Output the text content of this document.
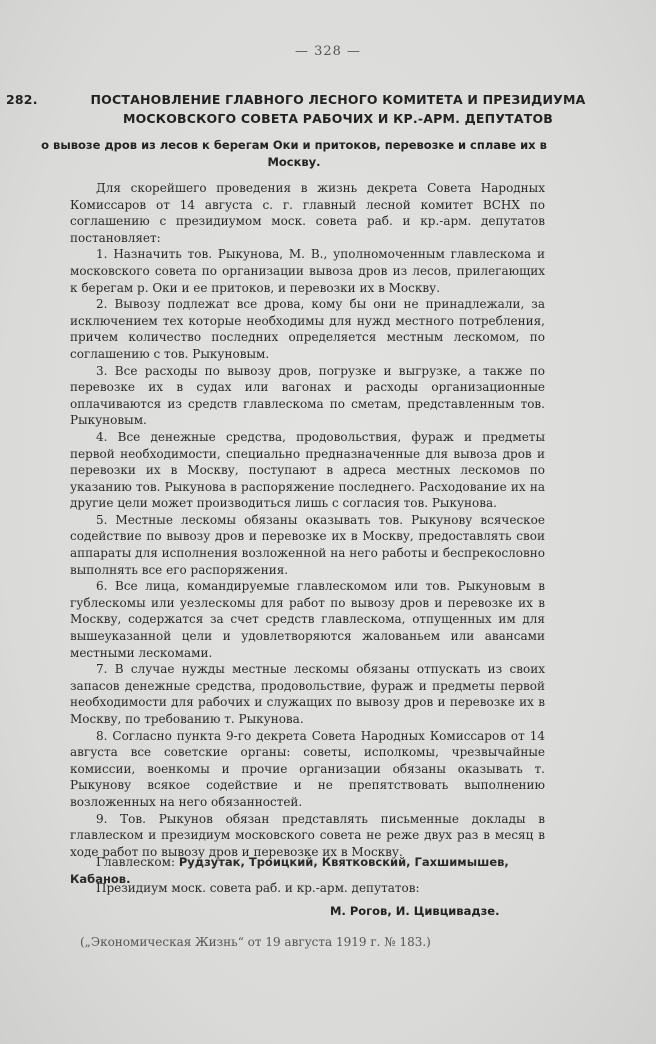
— 328 —
282.	ПОСТАНОВЛЕНИЕ ГЛАВНОГО ЛЕСНОГО КОМИТЕТА И ПРЕЗИДИУМА МОСКОВСКОГО СОВЕТА РАБОЧИХ И КР.-АРМ. ДЕПУТАТОВ
о вывозе дров из лесов к берегам Оки и притоков, перевозке и сплаве их в Москву.

Для скорейшего проведения в жизнь декрета Совета Народных Комиссаров от 14 августа с. г. главный лесной комитет ВСНХ по соглашению с президиумом моск. совета раб. и кр.-арм. депутатов постановляет:

1. Назначить тов. Рыкунова, М. В., уполномоченным главлескома и московского совета по организации вывоза дров из лесов, прилегающих к берегам р. Оки и ее притоков, и перевозки их в Москву.

2. Вывозу подлежат все дрова, кому бы они не принадлежали, за исключением тех которые необходимы для нужд местного потребления, причем количество последних определяется местным лескомом, по соглашению с тов. Рыкуновым.

3. Все расходы по вывозу дров, погрузке и выгрузке, а также по перевозке их в судах или вагонах и расходы организационные оплачиваются из средств главлескома по сметам, представленным тов. Рыкуновым.

4. Все денежные средства, продовольствия, фураж и предметы первой необходимости, специально предназначенные для вывоза дров и перевозки их в Москву, поступают в адреса местных лескомов по указанию тов. Рыкунова в распоряжение последнего. Расходование их на другие цели может производиться лишь с согласия тов. Рыкунова.

5. Местные лескомы обязаны оказывать тов. Рыкунову всяческое содействие по вывозу дров и перевозке их в Москву, предоставлять свои аппараты для исполнения возложенной на него работы и беспрекословно выполнять все его распоряжения.

6. Все лица, командируемые главлескомом или тов. Рыкуновым в гублескомы или уезлескомы для работ по вывозу дров и перевозке их в Москву, содержатся за счет средств главлескома, отпущенных им для вышеуказанной цели и удовлетворяются жалованьем или авансами местными лескомами.

7. В случае нужды местные лескомы обязаны отпускать из своих запасов денежные средства, продовольствие, фураж и предметы первой необходимости для рабочих и служащих по вывозу дров и перевозке их в Москву, по требованию т. Рыкунова.

8. Согласно пункта 9-го декрета Совета Народных Комиссаров от 14 августа все советские органы: советы, исполкомы, чрезвычайные комиссии, военкомы и прочие организации обязаны оказывать т. Рыкунову всякое содействие и не препятствовать выполнению возложенных на него обязанностей.

9. Тов. Рыкунов обязан представлять письменные доклады в главлеском и президиум московского совета не реже двух раз в месяц в ходе работ по вывозу дров и перевозке их в Москву.

Главлеском: Рудзутак, Троицкий, Квятковский, Гахшимышев, Кабанов.

Президиум моск. совета раб. и кр.-арм. депутатов:
М. Рогов, И. Цивцивадзе.
(„Экономическая Жизнь“ от 19 августа 1919 г. № 183.)
